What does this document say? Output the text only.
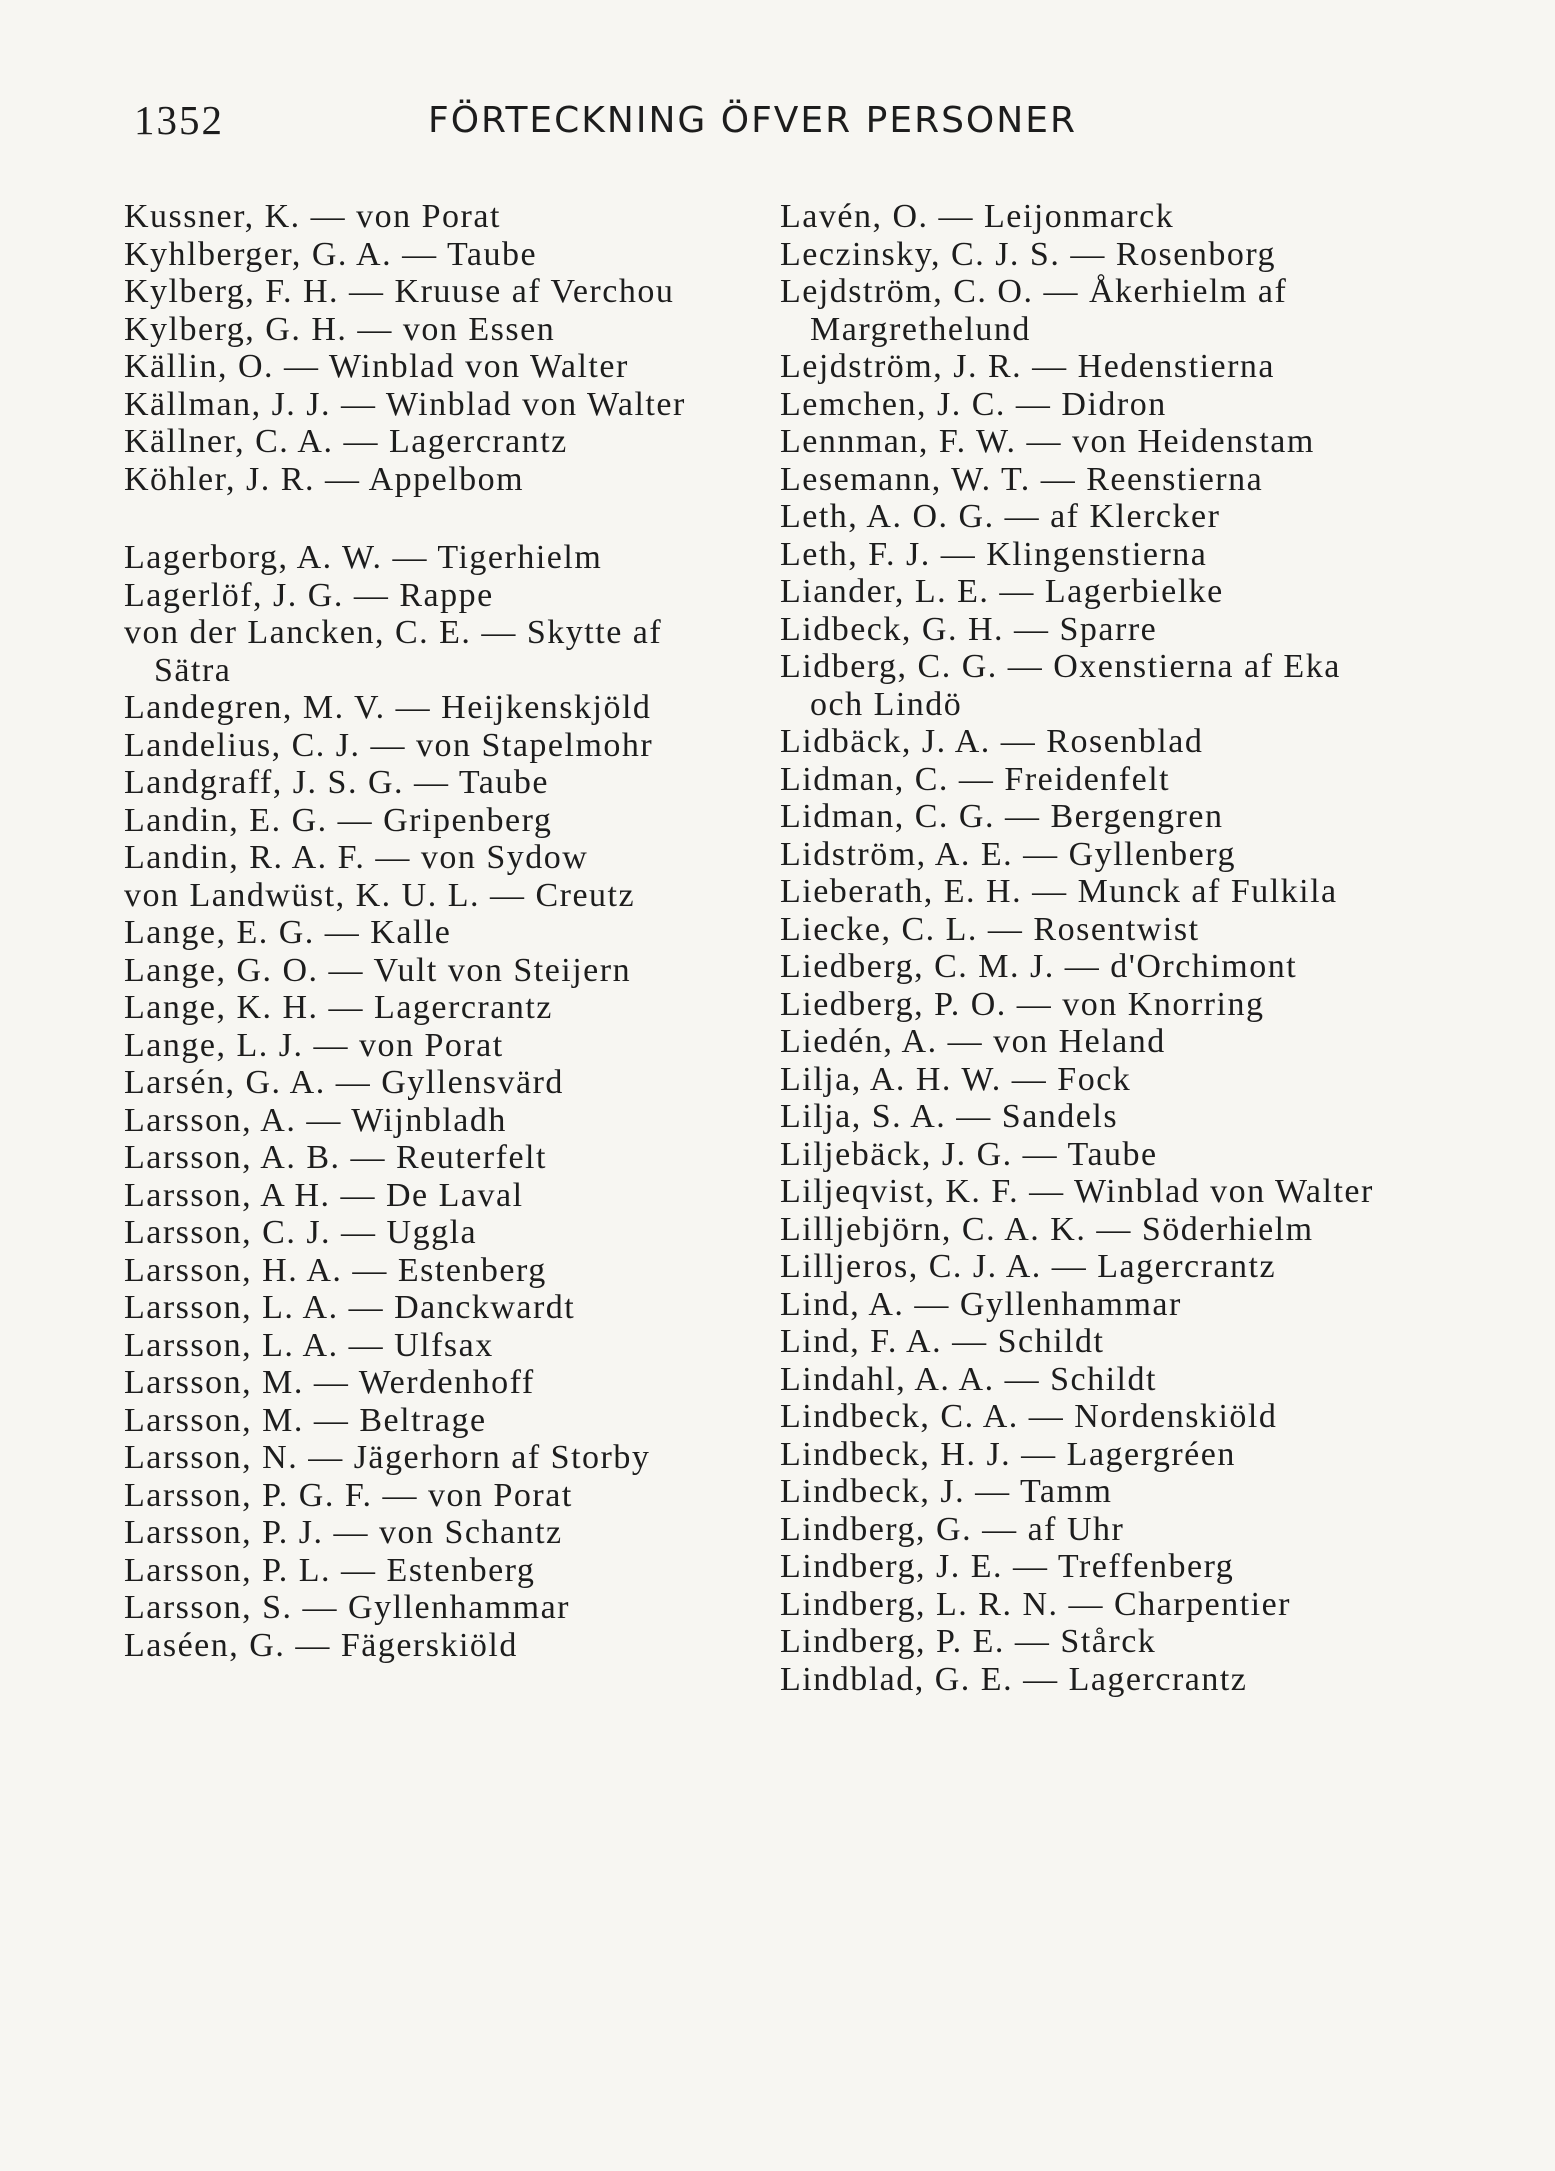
1352	FÖRTECKNING ÖFVER PERSONER
Kussner, K. — von Porat
Kyhlberger, G. A. — Taube
Kylberg, F. H. — Kruuse af Verchou
Kylberg, G. H. — von Essen
Källin, O. — Winblad von Walter
Källman, J. J. — Winblad von Walter
Källner, C. A. — Lagercrantz
Köhler, J. R. — Appelbom
Lagerborg, A. W. — Tigerhielm
Lagerlöf, J. G. — Rappe
von der Lancken, C. E. — Skytte af Sätra
Landegren, M. V. — Heijkenskjöld
Landelius, C. J. — von Stapelmohr
Landgraff, J. S. G. — Taube
Landin, E. G. — Gripenberg
Landin, R. A. F. — von Sydow
von Landwüst, K. U. L. — Creutz
Lange, E. G. — Kalle
Lange, G. O. — Vult von Steijern
Lange, K. H. — Lagercrantz
Lange, L. J. — von Porat
Larsén, G. A. — Gyllensvärd
Larsson, A. — Wijnbladh
Larsson, A. B. — Reuterfelt
Larsson, A H. — De Laval
Larsson, C. J. — Uggla
Larsson, H. A. — Estenberg
Larsson, L. A. — Danckwardt
Larsson, L. A. — Ulfsax
Larsson, M. — Werdenhoff
Larsson, M. — Beltrage
Larsson, N. — Jägerhorn af Storby
Larsson, P. G. F. — von Porat
Larsson, P. J. — von Schantz
Larsson, P. L. — Estenberg
Larsson, S. — Gyllenhammar
Laséen, G. — Fägerskiöld
Lavén, O. — Leijonmarck
Leczinsky, C. J. S. — Rosenborg
Lejdström, C. O. — Åkerhielm af Margrethelund
Lejdström, J. R. — Hedenstierna
Lemchen, J. C. — Didron
Lennman, F. W. — von Heidenstam
Lesemann, W. T. — Reenstierna
Leth, A. O. G. — af Klercker
Leth, F. J. — Klingenstierna
Liander, L. E. — Lagerbielke
Lidbeck, G. H. — Sparre
Lidberg, C. G. — Oxenstierna af Eka och Lindö
Lidbäck, J. A. — Rosenblad
Lidman, C. — Freidenfelt
Lidman, C. G. — Bergengren
Lidström, A. E. — Gyllenberg
Lieberath, E. H. — Munck af Fulkila
Liecke, C. L. — Rosentwist
Liedberg, C. M. J. — d'Orchimont
Liedberg, P. O. — von Knorring
Liedén, A. — von Heland
Lilja, A. H. W. — Fock
Lilja, S. A. — Sandels
Liljebäck, J. G. — Taube
Liljeqvist, K. F. — Winblad von Walter
Lilljebjörn, C. A. K. — Söderhielm
Lilljeros, C. J. A. — Lagercrantz
Lind, A. — Gyllenhammar
Lind, F. A. — Schildt
Lindahl, A. A. — Schildt
Lindbeck, C. A. — Nordenskiöld
Lindbeck, H. J. — Lagergréen
Lindbeck, J. — Tamm
Lindberg, G. — af Uhr
Lindberg, J. E. — Treffenberg
Lindberg, L. R. N. — Charpentier
Lindberg, P. E. — Stårck
Lindblad, G. E. — Lagercrantz
